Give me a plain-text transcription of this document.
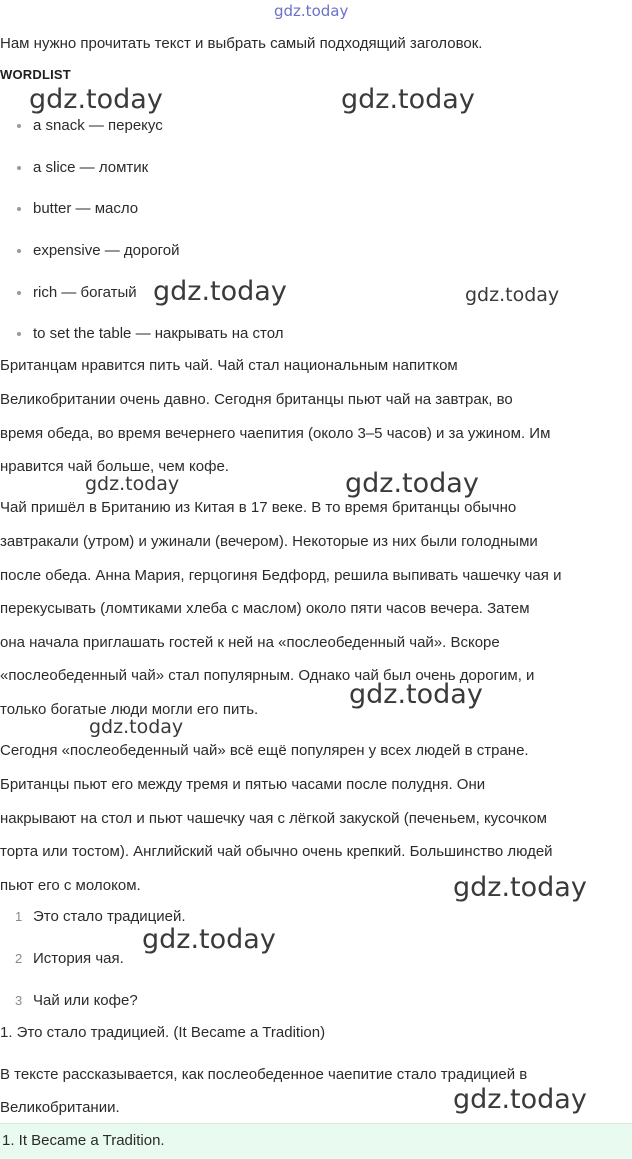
gdz.today
Нам нужно прочитать текст и выбрать самый подходящий заголовок.
WORDLIST
a snack — перекус
a slice — ломтик
butter — масло
expensive — дорогой
rich — богатый
to set the table — накрывать на стол
Британцам нравится пить чай. Чай стал национальным напитком
Великобритании очень давно. Сегодня британцы пьют чай на завтрак, во
время обеда, во время вечернего чаепития (около 3–5 часов) и за ужином. Им
нравится чай больше, чем кофе.
Чай пришёл в Британию из Китая в 17 веке. В то время британцы обычно
завтракали (утром) и ужинали (вечером). Некоторые из них были голодными
после обеда. Анна Мария, герцогиня Бедфорд, решила выпивать чашечку чая и
перекусывать (ломтиками хлеба с маслом) около пяти часов вечера. Затем
она начала приглашать гостей к ней на «послеобеденный чай». Вскоре
«послеобеденный чай» стал популярным. Однако чай был очень дорогим, и
только богатые люди могли его пить.
Сегодня «послеобеденный чай» всё ещё популярен у всех людей в стране.
Британцы пьют его между тремя и пятью часами после полудня. Они
накрывают на стол и пьют чашечку чая с лёгкой закуской (печеньем, кусочком
торта или тостом). Английский чай обычно очень крепкий. Большинство людей
пьют его с молоком.
1 Это стало традицией.
2 История чая.
3 Чай или кофе?
1. Это стало традицией. (It Became a Tradition)
В тексте рассказывается, как послеобеденное чаепитие стало традицией в
Великобритании.
1. It Became a Tradition.
gdz.today	gdz.today
gdz.today	gdz.today
gdz.today	gdz.today
gdz.today
gdz.today
gdz.today
gdz.today
gdz.today
